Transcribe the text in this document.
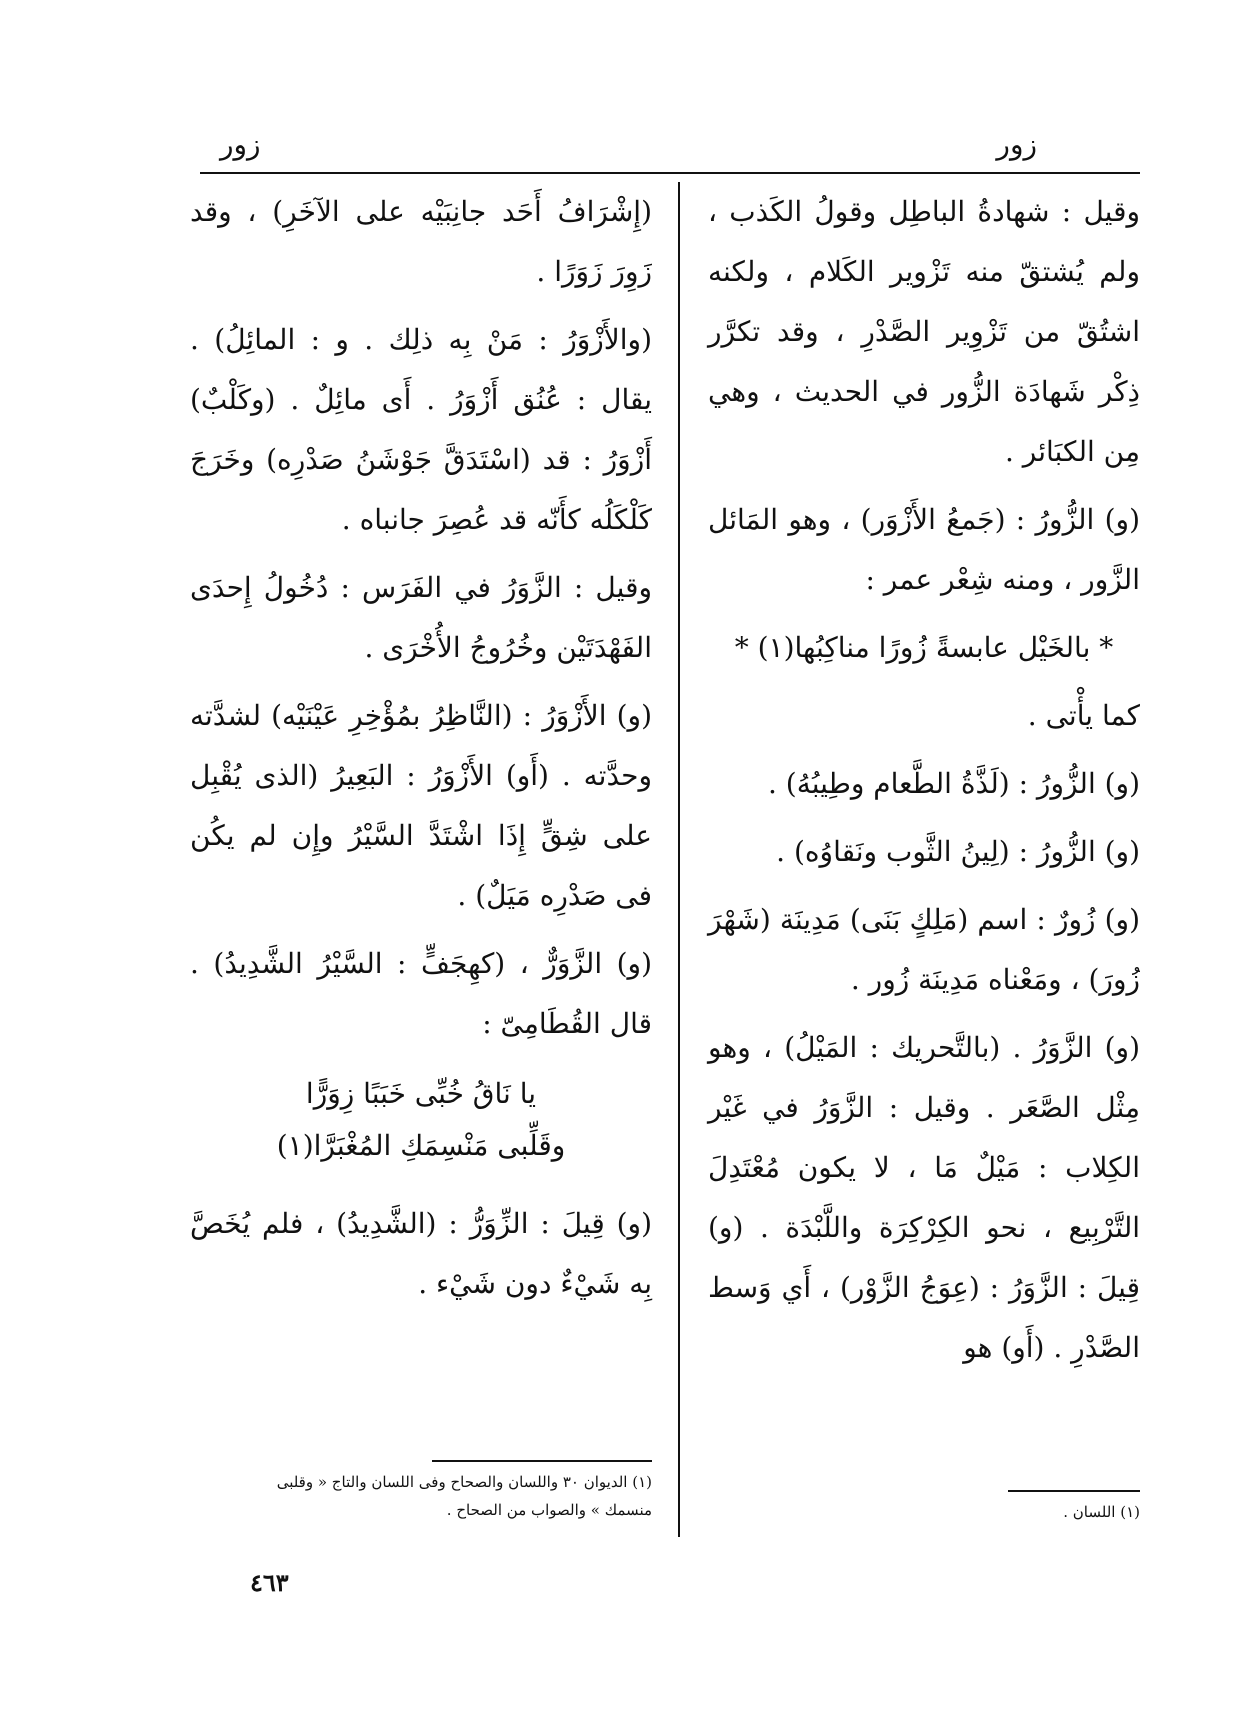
زور
زور

وقيل : شهادةُ الباطِل وقولُ الكَذب ، ولم يُشتقّ منه تَزْوير الكَلام ، ولكنه اشتُقّ من تَزْوِير الصَّدْرِ ، وقد تكرَّر ذِكْر شَهادَة الزُّور في الحديث ، وهي مِن الكبَائر .

(و) الزُّورُ : (جَمعُ الأَزْوَر) ، وهو المَائل الزَّور ، ومنه شِعْر عمر :

* بالخَيْل عابسةً زُورًا مناكِبُها(١) *

كما يأْتى .

(و) الزُّورُ : (لَذَّةُ الطَّعام وطِيبُهُ) .

(و) الزُّورُ : (لِينُ الثَّوب ونَقاوُه) .

(و) زُورٌ : اسم (مَلِكٍ بَنَى) مَدِينَة (شَهْرَ زُورَ) ، ومَعْناه مَدِينَة زُور .

(و) الزَّوَرُ . (بالتَّحريك : المَيْلُ) ، وهو مِثْل الصَّعَر . وقيل : الزَّوَرُ في غَيْر الكِلاب : مَيْلٌ مَا ، لا يكون مُعْتَدِلَ التَّرْبِيع ، نحو الكِرْكِرَة واللَّبْدَة . (و) قِيلَ : الزَّوَرُ : (عِوَجُ الزَّوْر) ، أَي وَسط الصَّدْرِ . (أَو) هو

(إِشْرَافُ أَحَد جانِبَيْه على الآخَرِ) ، وقد زَوِرَ زَوَرًا .

(والأَزْوَرُ : مَنْ بِه ذلِك . و : المائِلُ) . يقال : عُنُق أَزْوَرُ . أَى مائِلٌ . (وكَلْبٌ) أَزْوَرُ : قد (اسْتَدَقَّ جَوْشَنُ صَدْرِه) وخَرَجَ كَلْكَلُه كأَنّه قد عُصِرَ جانباه .

وقيل : الزَّوَرُ في الفَرَس : دُخُولُ إِحدَى الفَهْدَتَيْن وخُرُوجُ الأُخْرَى .

(و) الأَزْوَرُ : (النَّاظِرُ بمُؤْخِرِ عَيْنَيْه) لشدَّته وحدَّته . (أَو) الأَزْوَرُ : البَعِيرُ (الذى يُقْبِل على شِقٍّ إِذَا اشْتَدَّ السَّيْرُ وإِن لم يكُن فى صَدْرِه مَيَلٌ) .

(و) الزَّوَرٌّ ، (كهِجَفٍّ : السَّيْرُ الشَّدِيدُ) . قال القُطَامِىّ :

يا نَاقُ خُبِّى خَبَبًا زِوَرًّا
وقَلِّبى مَنْسِمَكِ المُغْبَرَّا(١)

(و) قِيلَ : الزِّوَرُّ : (الشَّدِيدُ) ، فلم يُخَصَّ بِه شَيْءٌ دون شَيْء .

(١) الديوان ٣٠ واللسان والصحاح وفى اللسان والتاج « وقلبى منسمك » والصواب من الصحاح .	(١) اللسان .
٤٦٣
